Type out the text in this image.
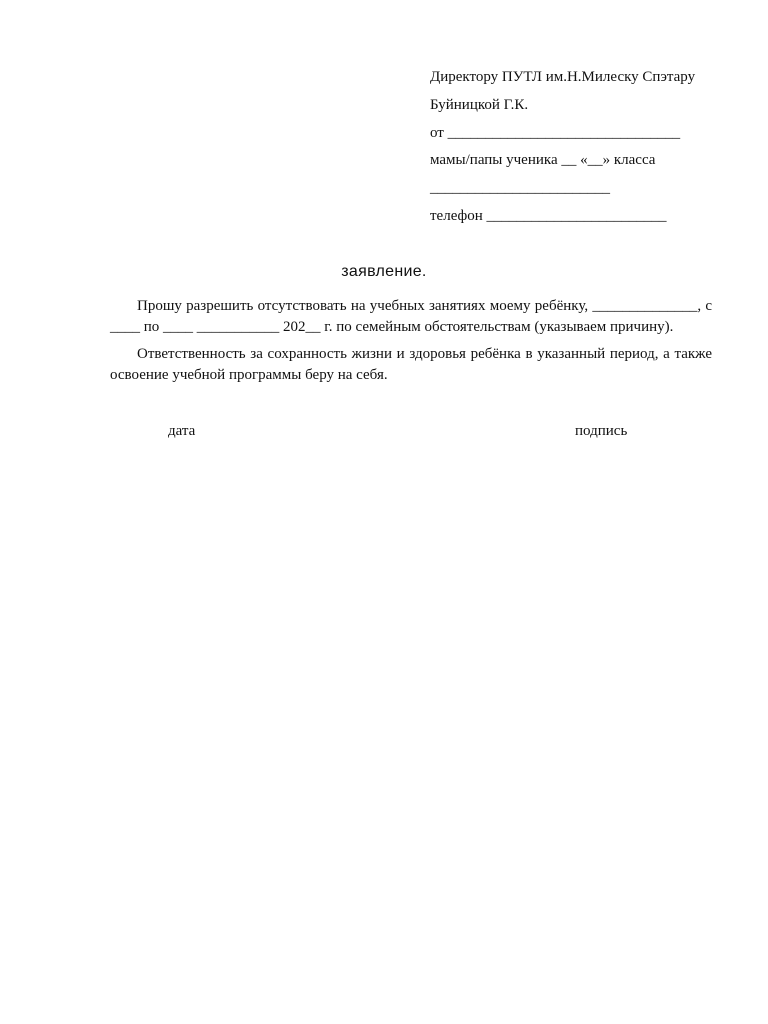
Директору ПУТЛ им.Н.Милеску Спэтару
Буйницкой Г.К.
от _______________________________
мамы/папы ученика __ «__» класса
________________________
телефон ________________________
заявление.

Прошу разрешить отсутствовать на учебных занятиях моему ребёнку, ______________, с ____ по ____ ___________ 202__ г. по семейным обстоятельствам (указываем причину).

Ответственность за сохранность жизни и здоровья ребёнка в указанный период, а также освоение учебной программы беру на себя.

дата	подпись
